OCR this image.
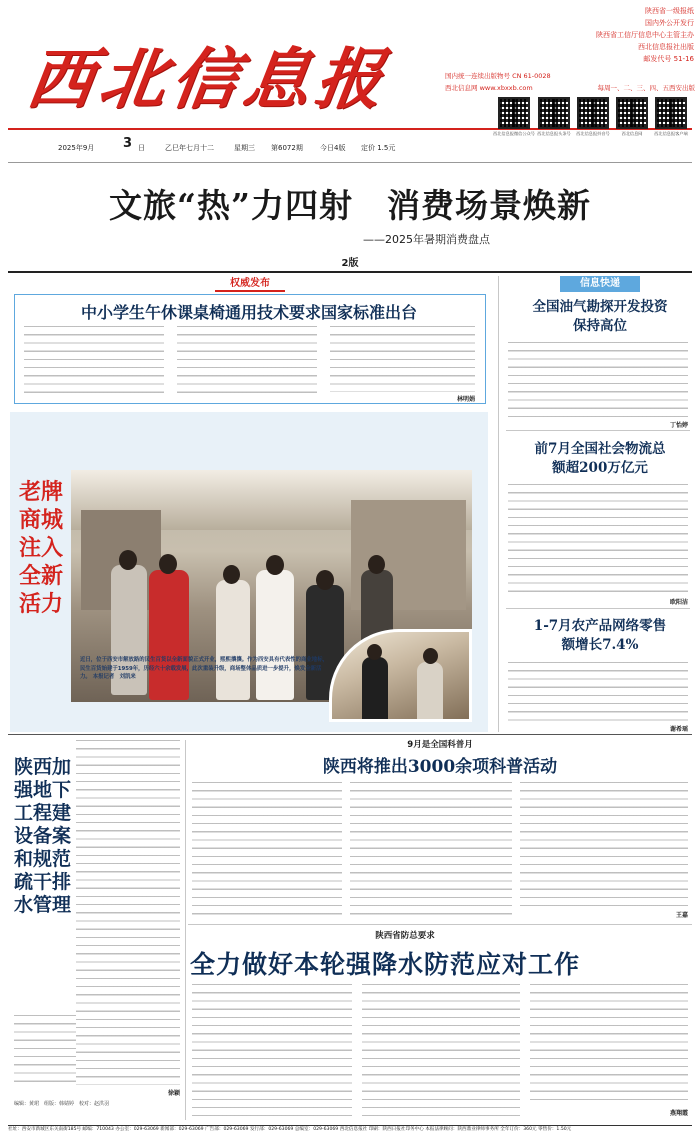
西北信息报
陕西省一级报纸
国内外公开发行
陕西省工信厅信息中心主管主办
西北信息报社出版
邮发代号 51-16
国内统一连续出版物号 CN 61-0028
西北信息网 www.xbxxb.com	每周一、二、三、四、五西安出版
西北信息报微信公众号 西北信息报头条号	西北信息报抖音号	西北信息网	西北信息报客户端
2025年9月 3 日	乙巳年七月十二	星期三 第6072期 今日4版 定价 1.5元
文旅“热”力四射　消费场景焕新
——2025年暑期消费盘点
2版
权威发布
中小学生午休课桌椅通用技术要求国家标准出台
林明娟
信息快递
全国油气勘探开发投资保持高位
丁怡婷
前7月全国社会物流总额超200万亿元
欧阳洁
1-7月农产品网络零售额增长7.4%
谢希瑶
老牌商城注入全新活力
近日，位于西安市解放路的民生百货以全新面貌正式开业，熙熙攘攘。作为西安具有代表性的商业地标，民生百货始建于1959年，历经六十余载发展，此次重装升级，商场整体品质进一步提升，焕发全新活力。 本报记者　刘凯来
陕西加强地下工程建设备案和规范疏干排水管理
徐颖
编辑：黄珺　组版：韩婧婷　校对：赵洪羽
9月是全国科普月
陕西将推出3000余项科普活动
王嘉
陕西省防总要求
全力做好本轮强降水防范应对工作
燕翔霞
社址：西安市新城区东关南街185号 邮编：710043 办公室：029-63069 新闻部：029-63069 广告部：029-63069 发行部：029-63069 总编室：029-63069 西北信息报社 印刷：陕西日报社印务中心 本报法律顾问：陕西鼎业律师事务所 全年订价：360元 零售价：1.50元
